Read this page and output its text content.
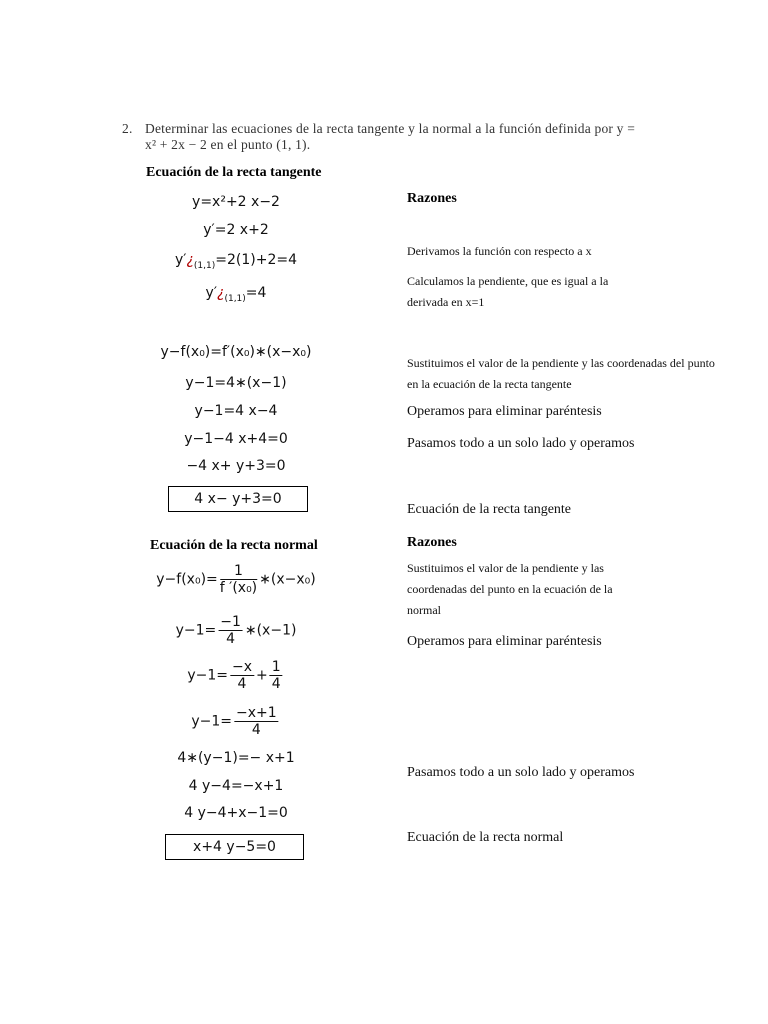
2. Determinar las ecuaciones de la recta tangente y la normal a la función definida por y =
x² + 2x − 2 en el punto (1, 1).
Ecuación de la recta tangente
Razones
y=x²+2 x−2
y′=2 x+2
$y'¿_{(1,1)}=2(1)+2=4$
$y'¿_{(1,1)}=4$
y−f(x₀)=f′(x₀)∗(x−x₀)
y−1=4∗(x−1)
y−1=4 x−4
y−1−4 x+4=0
−4 x+ y+3=0
4 x− y+3=0
Derivamos la función con respecto a x
Calculamos la pendiente, que es igual a la derivada en x=1
Sustituimos el valor de la pendiente y las coordenadas del punto en la ecuación de la recta tangente
Operamos para eliminar paréntesis
Pasamos todo a un solo lado y operamos
Ecuación de la recta tangente
Ecuación de la recta normal	Razones
$y-f(x_0)= \frac{1}{\text{f ′(x₀)}}$ ∗(x−x₀)
$y-1= \frac{-1}{4}$ ∗(x−1)
$y-1= \frac{-x}{4} + \frac{1}{4}$
$y-1= \frac{-x+1}{4}$
4∗(y−1)=− x+1
4 y−4=−x+1
4 y−4+x−1=0
x+4 y−5=0
Sustituimos el valor de la pendiente y las coordenadas del punto en la ecuación de la normal
Operamos para eliminar paréntesis
Pasamos todo a un solo lado y operamos
Ecuación de la recta normal
